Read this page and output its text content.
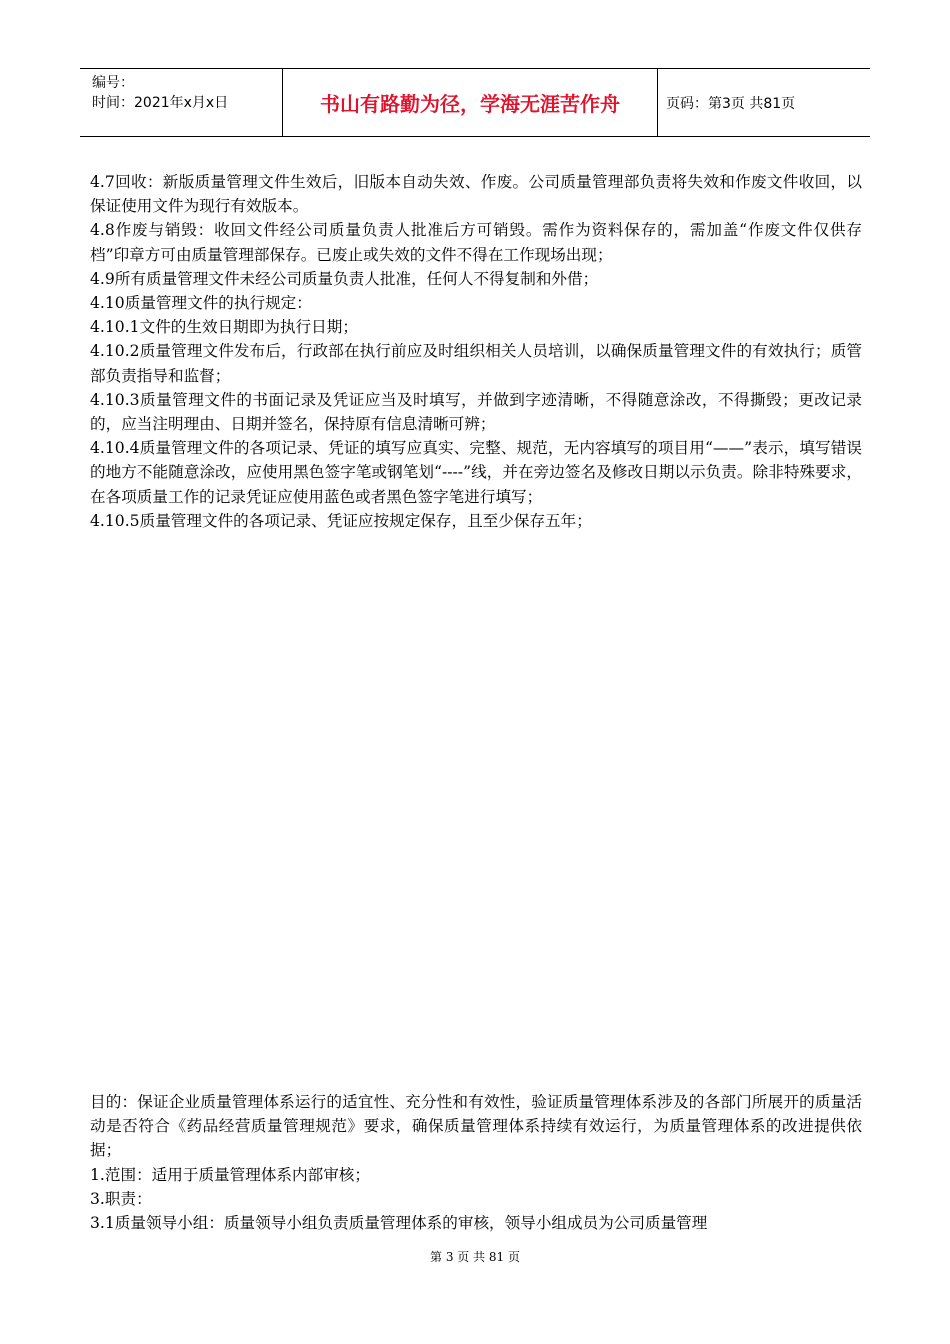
编号：
时间：2021年x月x日	书山有路勤为径，学海无涯苦作舟	页码：第3页 共81页

4.7回收：新版质量管理文件生效后，旧版本自动失效、作废。公司质量管理部负责将失效和作废文件收回，以保证使用文件为现行有效版本。

4.8作废与销毁：收回文件经公司质量负责人批准后方可销毁。需作为资料保存的，需加盖“作废文件仅供存档”印章方可由质量管理部保存。已废止或失效的文件不得在工作现场出现；

4.9所有质量管理文件未经公司质量负责人批准，任何人不得复制和外借；

4.10质量管理文件的执行规定：

4.10.1文件的生效日期即为执行日期；

4.10.2质量管理文件发布后，行政部在执行前应及时组织相关人员培训，以确保质量管理文件的有效执行；质管部负责指导和监督；

4.10.3质量管理文件的书面记录及凭证应当及时填写，并做到字迹清晰，不得随意涂改，不得撕毁；更改记录的，应当注明理由、日期并签名，保持原有信息清晰可辨；

4.10.4质量管理文件的各项记录、凭证的填写应真实、完整、规范，无内容填写的项目用“——”表示，填写错误的地方不能随意涂改，应使用黑色签字笔或钢笔划“----”线，并在旁边签名及修改日期以示负责。除非特殊要求，在各项质量工作的记录凭证应使用蓝色或者黑色签字笔进行填写；

4.10.5质量管理文件的各项记录、凭证应按规定保存，且至少保存五年；

目的：保证企业质量管理体系运行的适宜性、充分性和有效性，验证质量管理体系涉及的各部门所展开的质量活动是否符合《药品经营质量管理规范》要求，确保质量管理体系持续有效运行，为质量管理体系的改进提供依据；

1.范围：适用于质量管理体系内部审核；

3.职责：

3.1质量领导小组：质量领导小组负责质量管理体系的审核，领导小组成员为公司质量管理

第 3 页 共 81 页
